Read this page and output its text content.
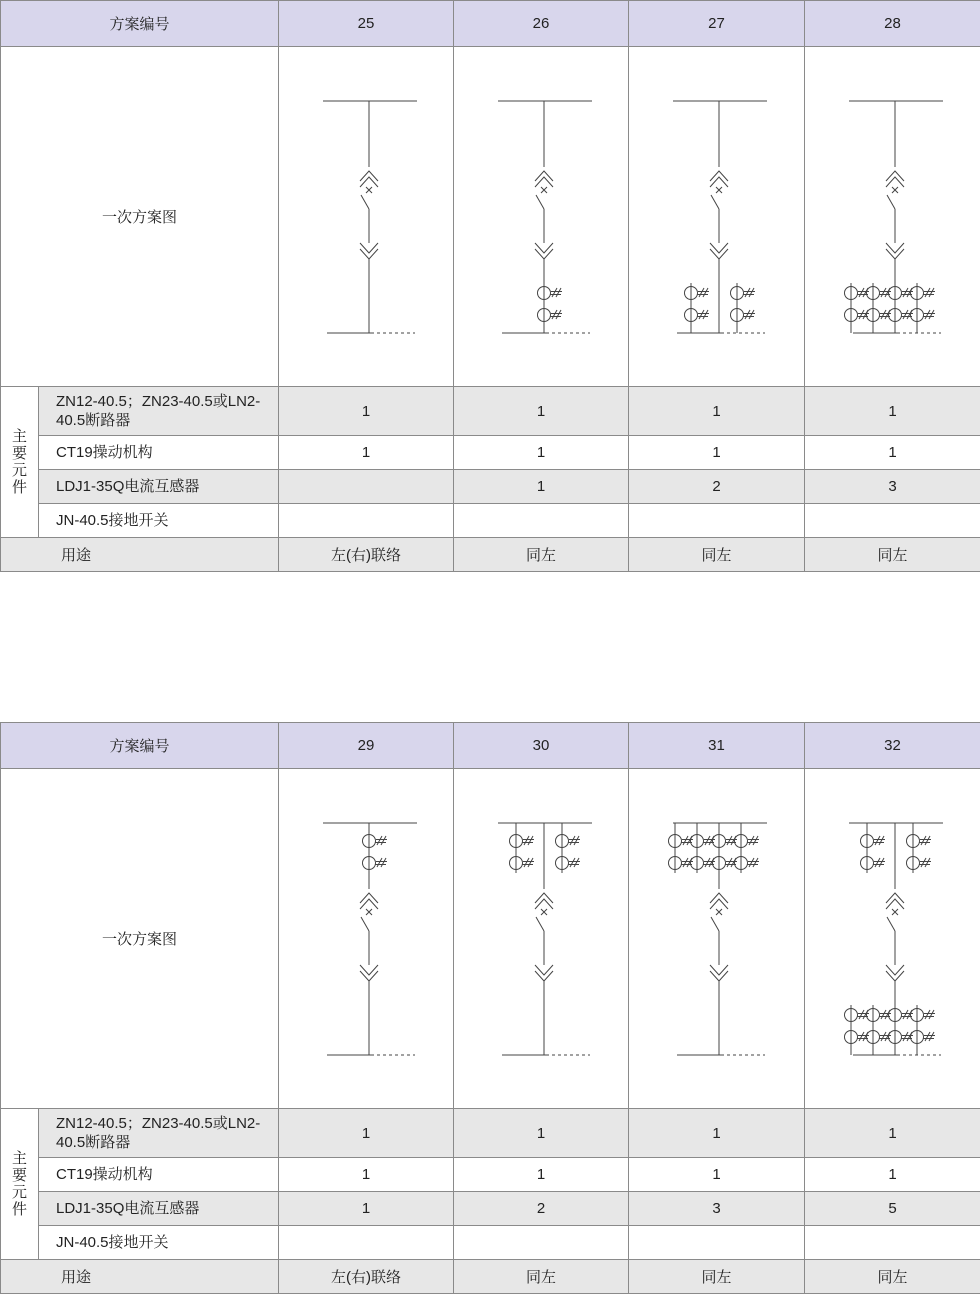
方案编号		25	26	27	28
一次方案图	

主要元件	ZN12-40.5；ZN23-40.5或LN2-40.5断路器	1	1	1	1
	CT19操动机构	1	1	1	1
	LDJ1-35Q电流互感器		1	2	3
	JN-40.5接地开关				
用途		左(右)联络	同左	同左	同左
方案编号		29	30	31	32
一次方案图	

主要元件	ZN12-40.5；ZN23-40.5或LN2-40.5断路器	1	1	1	1
	CT19操动机构	1	1	1	1
	LDJ1-35Q电流互感器	1	2	3	5
	JN-40.5接地开关				
用途		左(右)联络	同左	同左	同左
